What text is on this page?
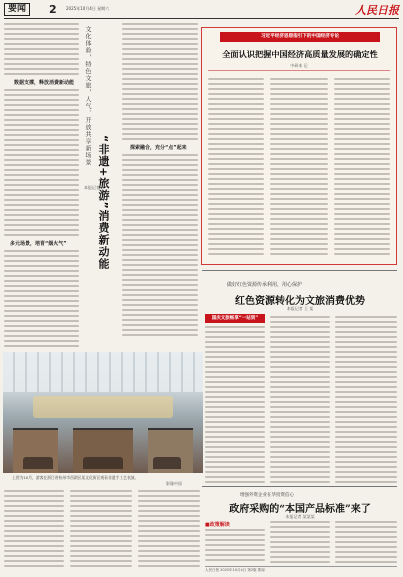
要闻	2 2025年10月4日 星期六	人民日报
数据支撑，释放消费新动能
多元场景，培育“烟火气”
文化体验，特色文旅，人气、开放共享新场景
“非遗+旅游”消费新动能
本报记者
探索融合，充分“点”起来
习近平经济思想指引下的中国经济专论
全面认识把握中国经济高质量发展的确定性
中研本 记
做好红色资源传承利用，用心保护
红色资源转化为文旅消费优势
本报记者 王 某
国庆文旅畅享“一站到”
上图为10月，游客在浙江省杭州市西湖区某文化街区观看非遗手工艺表演。
影像中国
增强外资企业在华投资信心
政府采购的“本国产品标准”来了
本报记者 某某某
■政策解读
人民日报 2025年10月4日 第2版 要闻
